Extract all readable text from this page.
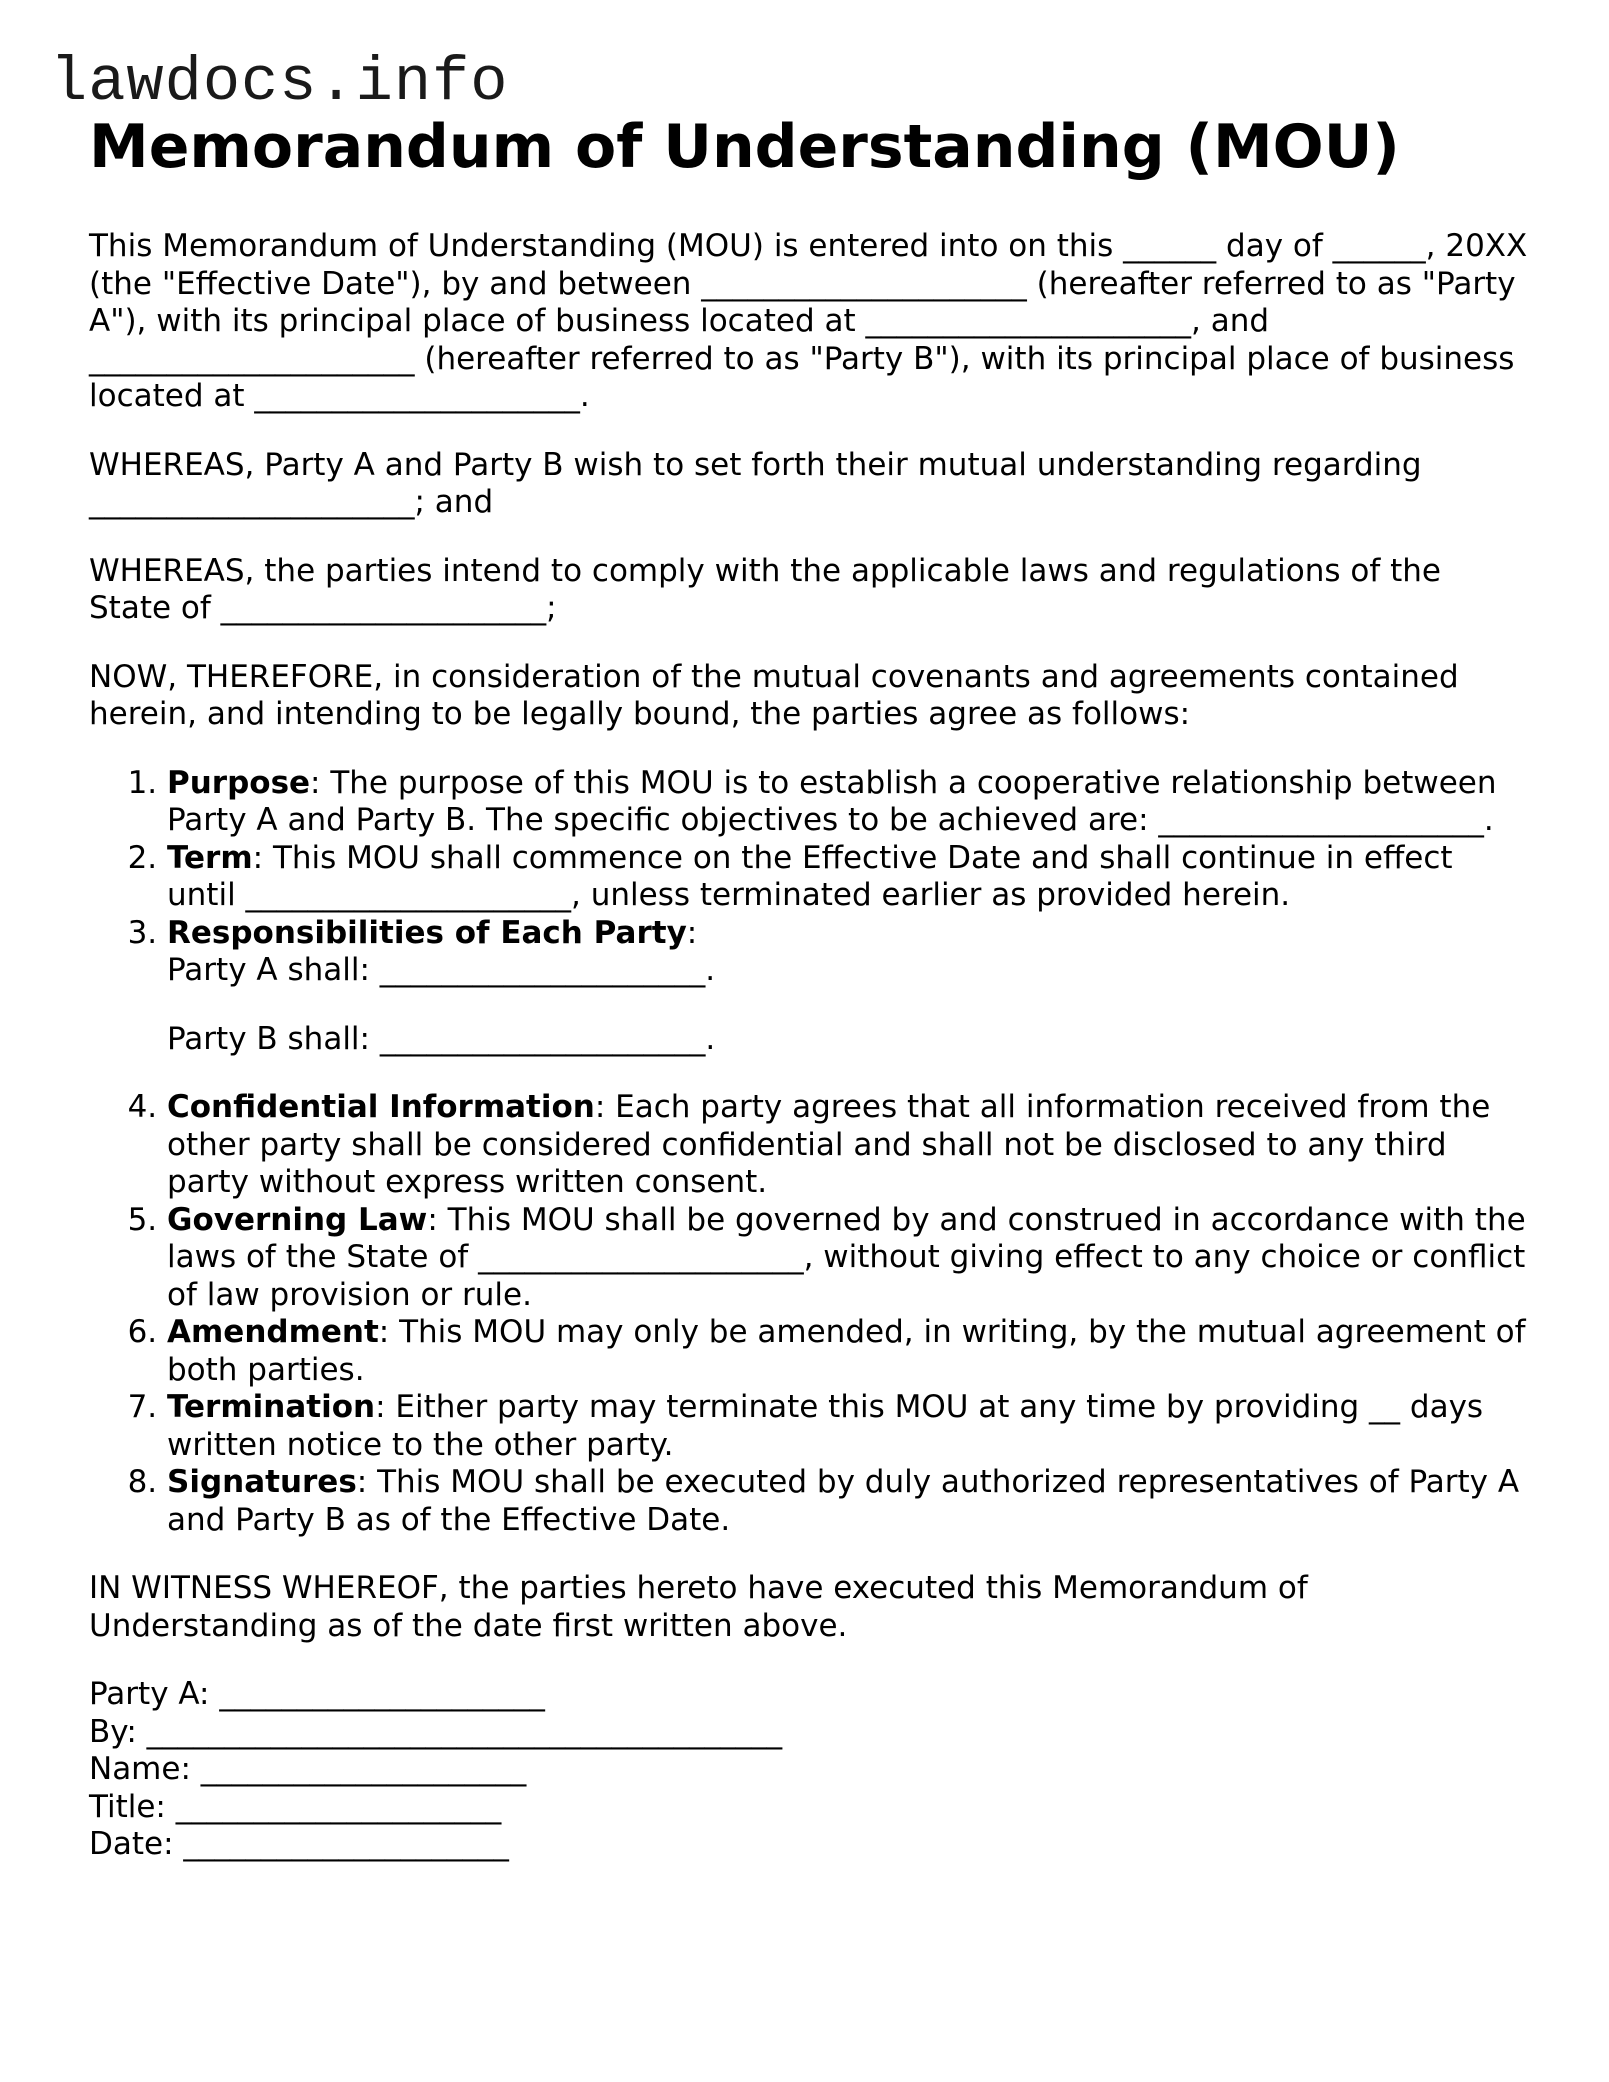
lawdocs.info
Memorandum of Understanding (MOU)

This Memorandum of Understanding (MOU) is entered into on this ______ day of ______, 20XX (the "Effective Date"), by and between _____________________ (hereafter referred to as "Party A"), with its principal place of business located at _____________________, and _____________________ (hereafter referred to as "Party B"), with its principal place of business located at _____________________.

WHEREAS, Party A and Party B wish to set forth their mutual understanding regarding _____________________; and

WHEREAS, the parties intend to comply with the applicable laws and regulations of the State of _____________________;

NOW, THEREFORE, in consideration of the mutual covenants and agreements contained herein, and intending to be legally bound, the parties agree as follows:

1. Purpose: The purpose of this MOU is to establish a cooperative relationship between Party A and Party B. The specific objectives to be achieved are: _____________________.
2. Term: This MOU shall commence on the Effective Date and shall continue in effect until _____________________, unless terminated earlier as provided herein.
3. Responsibilities of Each Party:

Party A shall: _____________________.

Party B shall: _____________________.

4. Confidential Information: Each party agrees that all information received from the other party shall be considered confidential and shall not be disclosed to any third party without express written consent.
5. Governing Law: This MOU shall be governed by and construed in accordance with the laws of the State of _____________________, without giving effect to any choice or conflict of law provision or rule.
6. Amendment: This MOU may only be amended, in writing, by the mutual agreement of both parties.
7. Termination: Either party may terminate this MOU at any time by providing __ days written notice to the other party.
8. Signatures: This MOU shall be executed by duly authorized representatives of Party A and Party B as of the Effective Date.

IN WITNESS WHEREOF, the parties hereto have executed this Memorandum of Understanding as of the date first written above.

Party A: _____________________
By: _________________________________________
Name: _____________________
Title: _____________________
Date: _____________________
